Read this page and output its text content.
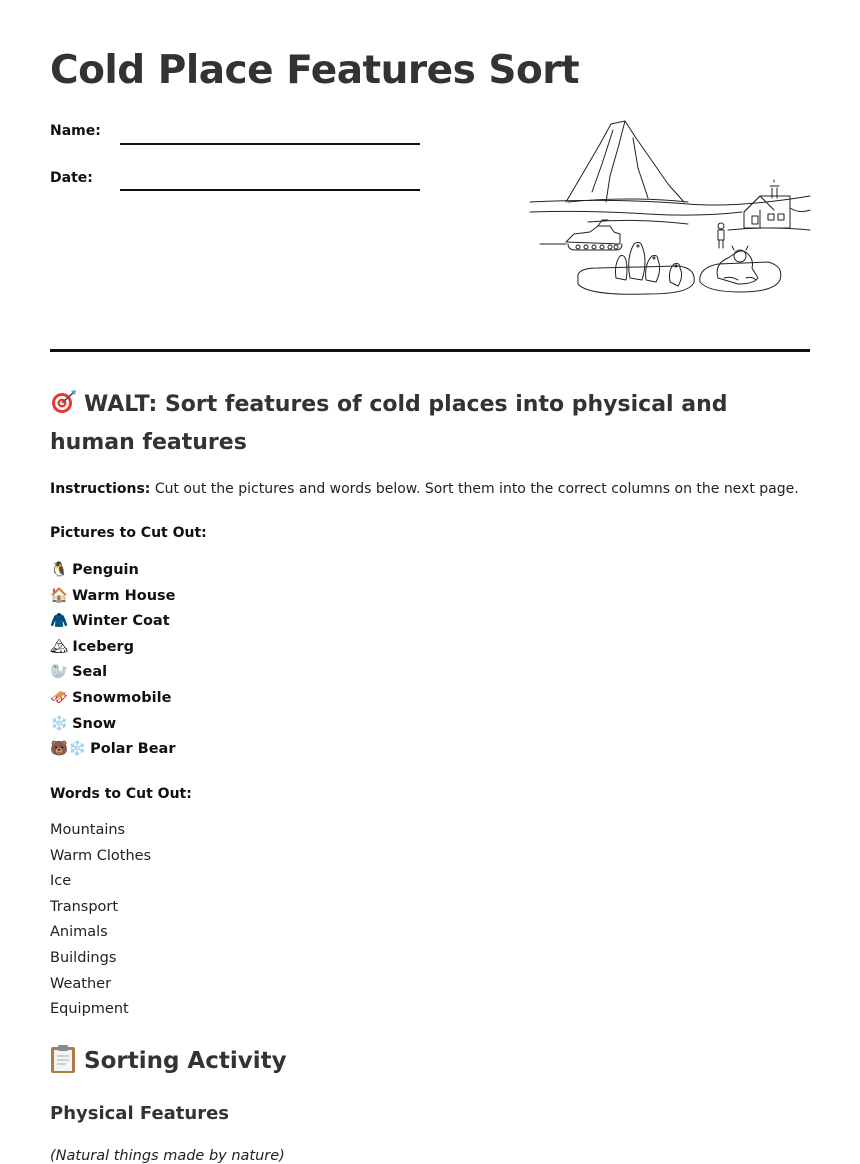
Cold Place Features Sort
Name:
Date:
WALT: Sort features of cold places into physical and human features

Instructions: Cut out the pictures and words below. Sort them into the correct columns on the next page.

Pictures to Cut Out:
🐧 Penguin
🏠 Warm House
🧥 Winter Coat
🏔 Iceberg
🦭 Seal
🛷 Snowmobile
❄️ Snow
🐻❄️ Polar Bear
Words to Cut Out:
Mountains
Warm Clothes
Ice
Transport
Animals
Buildings
Weather
Equipment
Sorting Activity
Physical Features

(Natural things made by nature)
